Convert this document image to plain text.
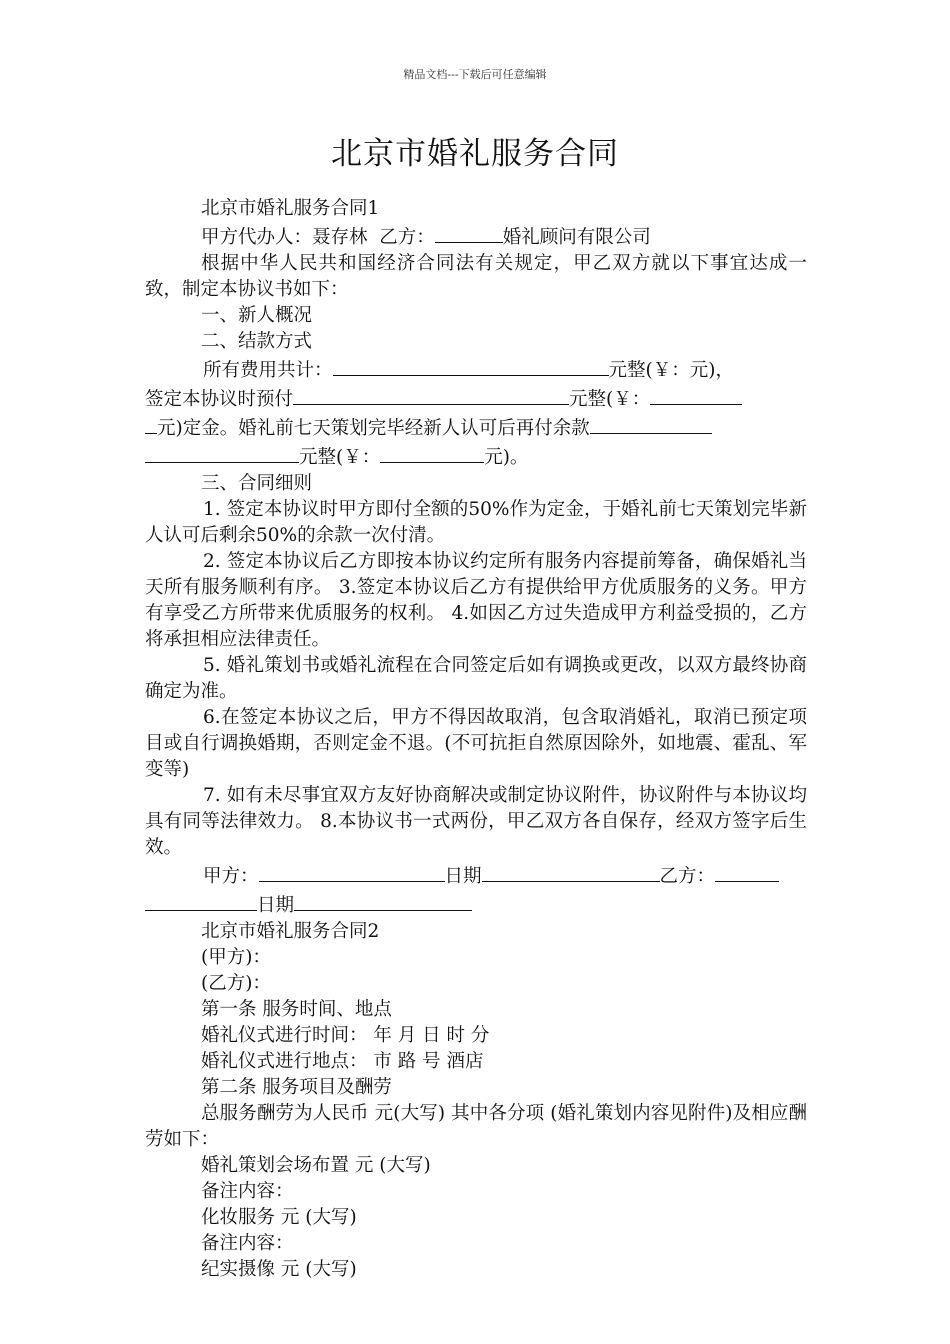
精品文档---下载后可任意编辑
北京市婚礼服务合同

北京市婚礼服务合同1

甲方代办人：聂存林 乙方：	婚礼顾问有限公司

根据中华人民共和国经济合同法有关规定，甲乙双方就以下事宜达成一致，制定本协议书如下：

一、新人概况

二、结款方式

所有费用共计：	元整(￥：元)，

签定本协议时预付	元整(￥：

元)定金。婚礼前七天策划完毕经新人认可后再付余款

元整(￥：	元)。

三、合同细则

1. 签定本协议时甲方即付全额的50%作为定金，于婚礼前七天策划完毕新人认可后剩余50%的余款一次付清。

2. 签定本协议后乙方即按本协议约定所有服务内容提前筹备，确保婚礼当天所有服务顺利有序。 3.签定本协议后乙方有提供给甲方优质服务的义务。甲方有享受乙方所带来优质服务的权利。 4.如因乙方过失造成甲方利益受损的，乙方将承担相应法律责任。

5. 婚礼策划书或婚礼流程在合同签定后如有调换或更改，以双方最终协商确定为准。

6.在签定本协议之后，甲方不得因故取消，包含取消婚礼，取消已预定项目或自行调换婚期，否则定金不退。(不可抗拒自然原因除外，如地震、霍乱、军变等)

7. 如有未尽事宜双方友好协商解决或制定协议附件，协议附件与本协议均具有同等法律效力。 8.本协议书一式两份，甲乙双方各自保存，经双方签字后生效。

甲方：	日期	乙方：

日期

北京市婚礼服务合同2

(甲方)：

(乙方)：

第一条 服务时间、地点

婚礼仪式进行时间： 年 月 日 时 分

婚礼仪式进行地点： 市 路 号 酒店

第二条 服务项目及酬劳

总服务酬劳为人民币 元(大写) 其中各分项 (婚礼策划内容见附件)及相应酬劳如下：

婚礼策划会场布置 元 (大写)

备注内容：

化妆服务 元 (大写)

备注内容：

纪实摄像 元 (大写)
